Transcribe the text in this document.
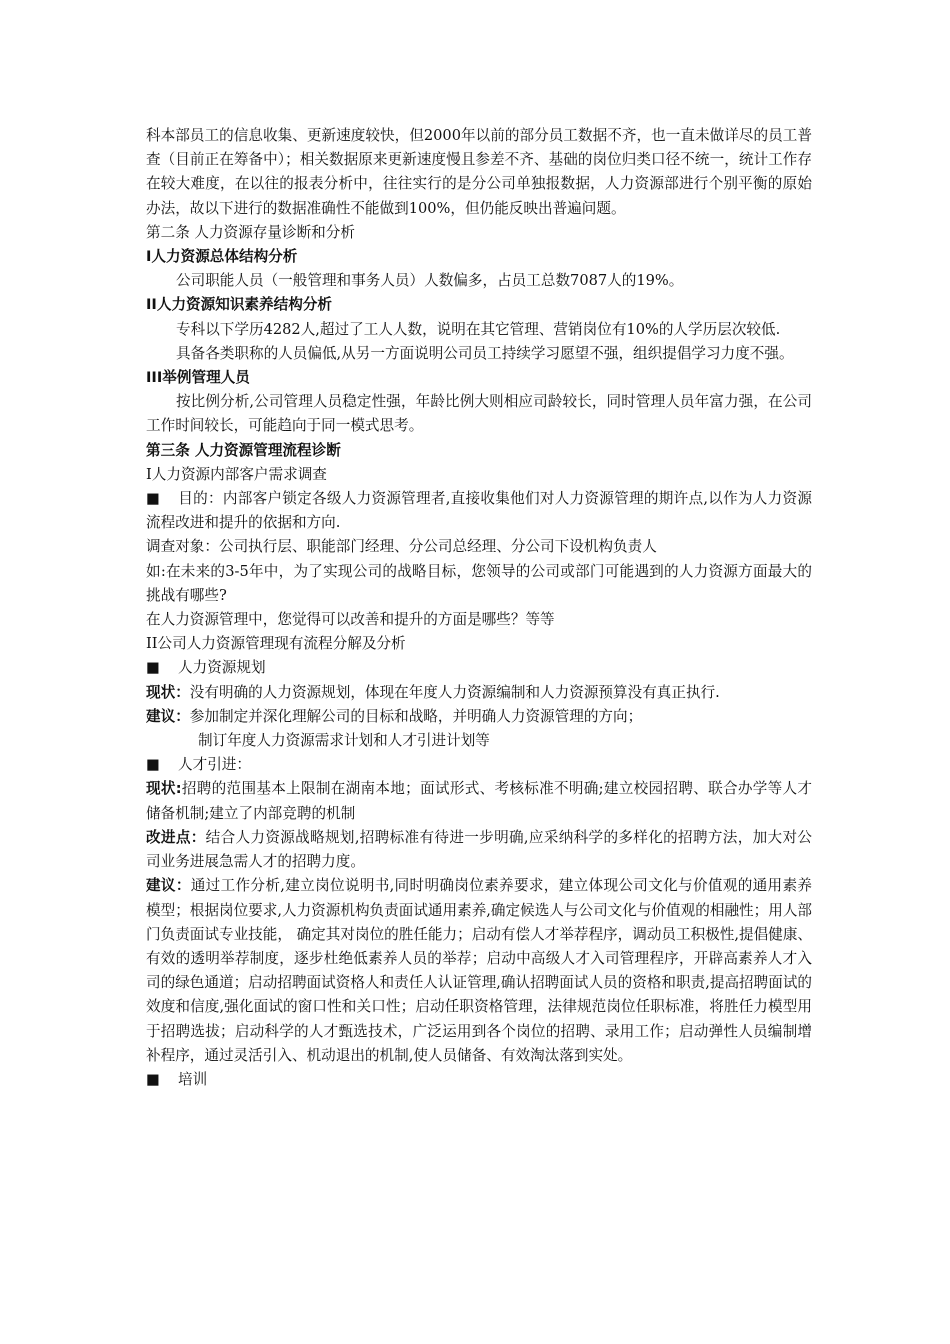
科本部员工的信息收集、更新速度较快，但2000年以前的部分员工数据不齐，也一直未做详尽的员工普查（目前正在筹备中）；相关数据原来更新速度慢且参差不齐、基础的岗位归类口径不统一，统计工作存在较大难度，在以往的报表分析中，往往实行的是分公司单独报数据，人力资源部进行个别平衡的原始办法，故以下进行的数据准确性不能做到100%，但仍能反映出普遍问题。

第二条 人力资源存量诊断和分析

I人力资源总体结构分析

公司职能人员（一般管理和事务人员）人数偏多，占员工总数7087人的19%。

II人力资源知识素养结构分析

专科以下学历4282人,超过了工人人数，说明在其它管理、营销岗位有10%的人学历层次较低.

具备各类职称的人员偏低,从另一方面说明公司员工持续学习愿望不强，组织提倡学习力度不强。

III举例管理人员

按比例分析,公司管理人员稳定性强，年龄比例大则相应司龄较长，同时管理人员年富力强，在公司工作时间较长，可能趋向于同一模式思考。

第三条 人力资源管理流程诊断

I人力资源内部客户需求调查

■ 目的：内部客户锁定各级人力资源管理者,直接收集他们对人力资源管理的期许点,以作为人力资源流程改进和提升的依据和方向.

调查对象：公司执行层、职能部门经理、分公司总经理、分公司下设机构负责人

如:在未来的3-5年中，为了实现公司的战略目标，您领导的公司或部门可能遇到的人力资源方面最大的挑战有哪些?

在人力资源管理中，您觉得可以改善和提升的方面是哪些？等等

II公司人力资源管理现有流程分解及分析

■ 人力资源规划

现状：没有明确的人力资源规划，体现在年度人力资源编制和人力资源预算没有真正执行.

建议：参加制定并深化理解公司的目标和战略，并明确人力资源管理的方向；

制订年度人力资源需求计划和人才引进计划等

■ 人才引进：

现状:招聘的范围基本上限制在湖南本地；面试形式、考核标准不明确;建立校园招聘、联合办学等人才储备机制;建立了内部竞聘的机制

改进点：结合人力资源战略规划,招聘标准有待进一步明确,应采纳科学的多样化的招聘方法，加大对公司业务进展急需人才的招聘力度。

建议：通过工作分析,建立岗位说明书,同时明确岗位素养要求，建立体现公司文化与价值观的通用素养模型；根据岗位要求,人力资源机构负责面试通用素养,确定候选人与公司文化与价值观的相融性；用人部门负责面试专业技能， 确定其对岗位的胜任能力；启动有偿人才举荐程序，调动员工积极性,提倡健康、有效的透明举荐制度，逐步杜绝低素养人员的举荐；启动中高级人才入司管理程序，开辟高素养人才入司的绿色通道；启动招聘面试资格人和责任人认证管理,确认招聘面试人员的资格和职责,提高招聘面试的效度和信度,强化面试的窗口性和关口性；启动任职资格管理，法律规范岗位任职标准，将胜任力模型用于招聘选拔；启动科学的人才甄选技术，广泛运用到各个岗位的招聘、录用工作；启动弹性人员编制增补程序，通过灵活引入、机动退出的机制,使人员储备、有效淘汰落到实处。

■ 培训
